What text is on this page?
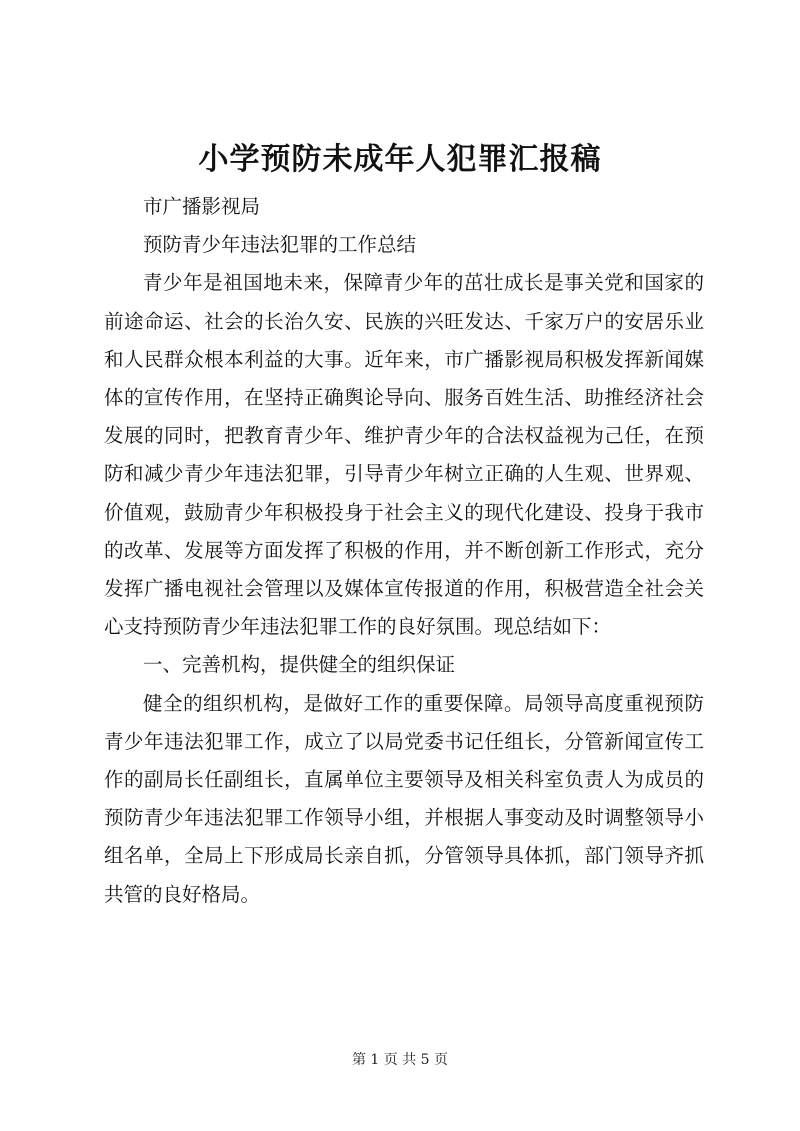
小学预防未成年人犯罪汇报稿

市广播影视局

预防青少年违法犯罪的工作总结

青少年是祖国地未来，保障青少年的茁壮成长是事关党和国家的前途命运、社会的长治久安、民族的兴旺发达、千家万户的安居乐业和人民群众根本利益的大事。近年来，市广播影视局积极发挥新闻媒体的宣传作用，在坚持正确舆论导向、服务百姓生活、助推经济社会发展的同时，把教育青少年、维护青少年的合法权益视为己任，在预防和减少青少年违法犯罪，引导青少年树立正确的人生观、世界观、价值观，鼓励青少年积极投身于社会主义的现代化建设、投身于我市的改革、发展等方面发挥了积极的作用，并不断创新工作形式，充分发挥广播电视社会管理以及媒体宣传报道的作用，积极营造全社会关心支持预防青少年违法犯罪工作的良好氛围。现总结如下：

一、完善机构，提供健全的组织保证

健全的组织机构，是做好工作的重要保障。局领导高度重视预防青少年违法犯罪工作，成立了以局党委书记任组长，分管新闻宣传工作的副局长任副组长，直属单位主要领导及相关科室负责人为成员的预防青少年违法犯罪工作领导小组，并根据人事变动及时调整领导小组名单，全局上下形成局长亲自抓，分管领导具体抓，部门领导齐抓共管的良好格局。

第 1 页 共 5 页
